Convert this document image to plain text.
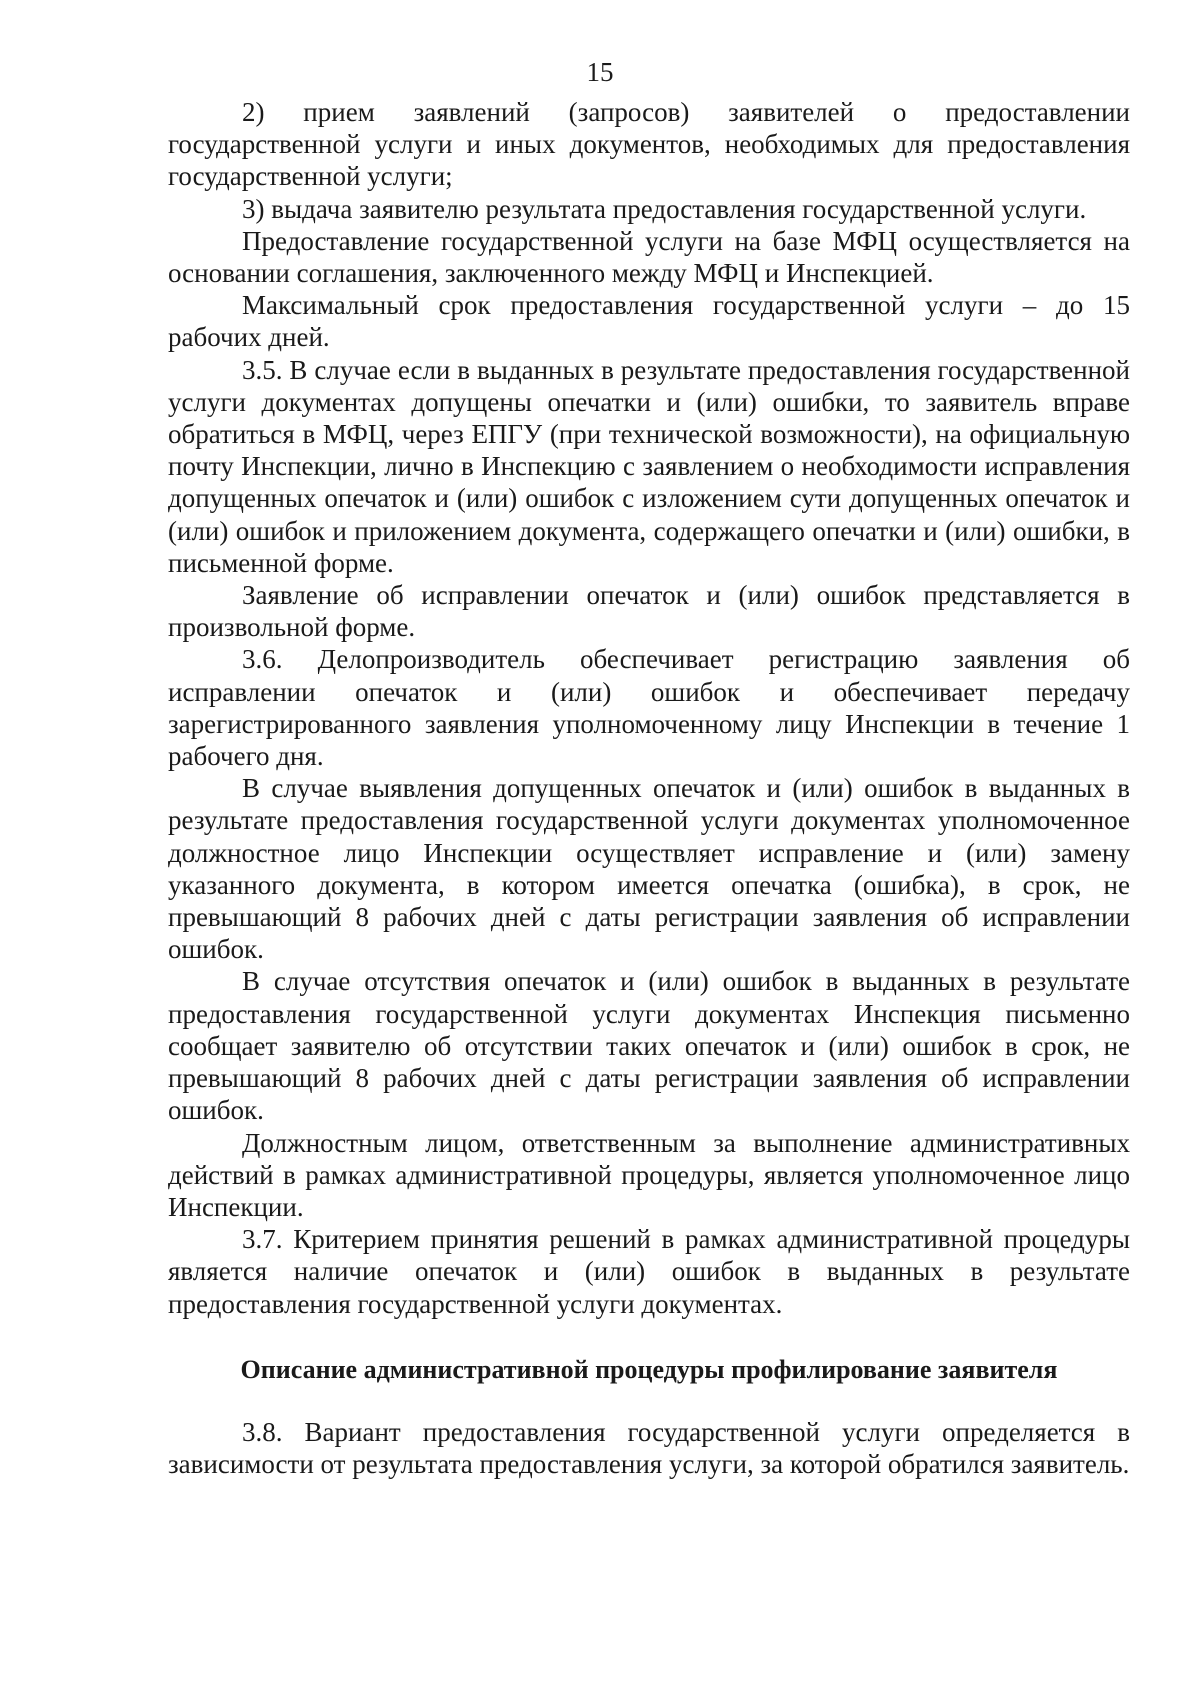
15

2) прием заявлений (запросов) заявителей о предоставлении государственной услуги и иных документов, необходимых для предоставления государственной услуги;

3) выдача заявителю результата предоставления государственной услуги.

Предоставление государственной услуги на базе МФЦ осуществляется на основании соглашения, заключенного между МФЦ и Инспекцией.

Максимальный срок предоставления государственной услуги – до 15 рабочих дней.

3.5. В случае если в выданных в результате предоставления государственной услуги документах допущены опечатки и (или) ошибки, то заявитель вправе обратиться в МФЦ, через ЕПГУ (при технической возможности), на официальную почту Инспекции, лично в Инспекцию с заявлением о необходимости исправления допущенных опечаток и (или) ошибок с изложением сути допущенных опечаток и (или) ошибок и приложением документа, содержащего опечатки и (или) ошибки, в письменной форме.

Заявление об исправлении опечаток и (или) ошибок представляется в произвольной форме.

3.6. Делопроизводитель обеспечивает регистрацию заявления об исправлении опечаток и (или) ошибок и обеспечивает передачу зарегистрированного заявления уполномоченному лицу Инспекции в течение 1 рабочего дня.

В случае выявления допущенных опечаток и (или) ошибок в выданных в результате предоставления государственной услуги документах уполномоченное должностное лицо Инспекции осуществляет исправление и (или) замену указанного документа, в котором имеется опечатка (ошибка), в срок, не превышающий 8 рабочих дней с даты регистрации заявления об исправлении ошибок.

В случае отсутствия опечаток и (или) ошибок в выданных в результате предоставления государственной услуги документах Инспекция письменно сообщает заявителю об отсутствии таких опечаток и (или) ошибок в срок, не превышающий 8 рабочих дней с даты регистрации заявления об исправлении ошибок.

Должностным лицом, ответственным за выполнение административных действий в рамках административной процедуры, является уполномоченное лицо Инспекции.

3.7. Критерием принятия решений в рамках административной процедуры является наличие опечаток и (или) ошибок в выданных в результате предоставления государственной услуги документах.

Описание административной процедуры профилирование заявителя

3.8. Вариант предоставления государственной услуги определяется в зависимости от результата предоставления услуги, за которой обратился заявитель.
